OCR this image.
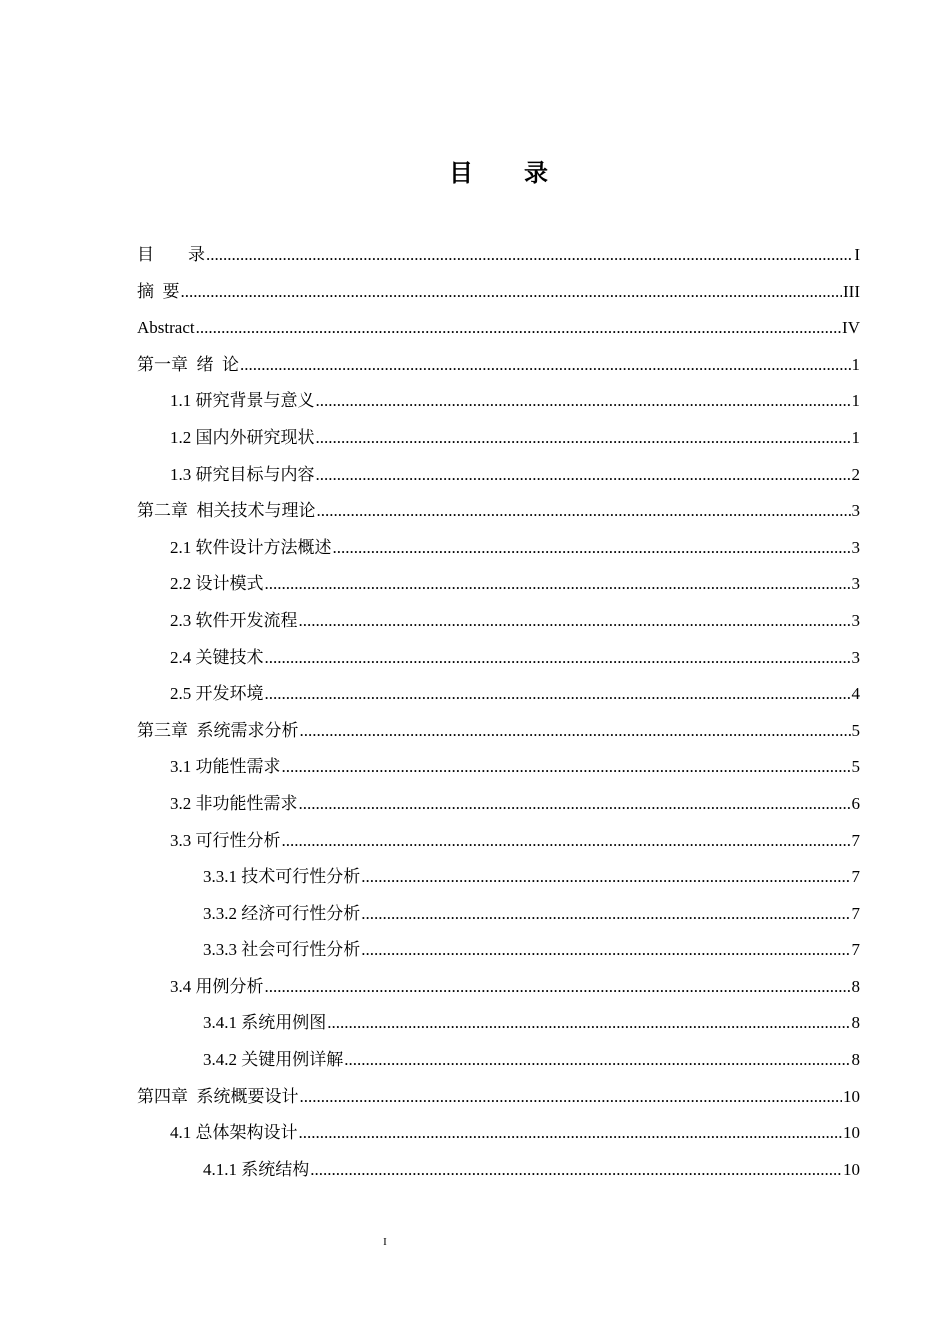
目　　录
目　　录 .....	I
摘  要 .....	III
Abstract .....	IV
第一章  绪  论 .....	1
1.1 研究背景与意义 .....	1
1.2 国内外研究现状 .....	1
1.3 研究目标与内容 .....	2
第二章  相关技术与理论 .....	3
2.1 软件设计方法概述 .....	3
2.2 设计模式 .....	3
2.3 软件开发流程 .....	3
2.4 关键技术 .....	3
2.5 开发环境 .....	4
第三章  系统需求分析 .....	5
3.1 功能性需求 .....	5
3.2 非功能性需求 .....	6
3.3 可行性分析 .....	7
3.3.1 技术可行性分析 .....	7
3.3.2 经济可行性分析 .....	7
3.3.3 社会可行性分析 .....	7
3.4 用例分析 .....	8
3.4.1 系统用例图 .....	8
3.4.2 关键用例详解 .....	8
第四章  系统概要设计 .....	10
4.1 总体架构设计 .....	10
4.1.1 系统结构 .....	10
I
